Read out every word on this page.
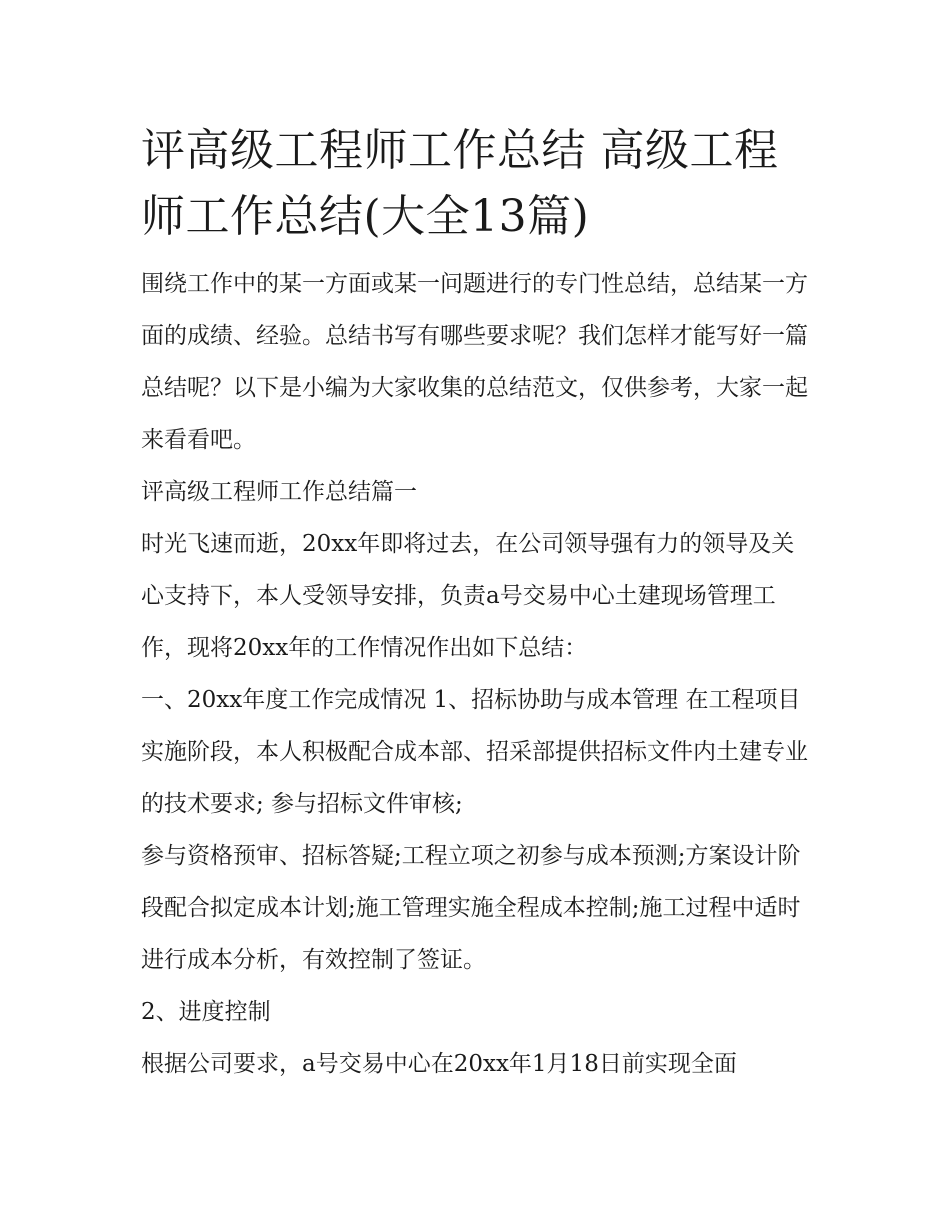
评高级工程师工作总结 高级工程师工作总结(大全13篇)

围绕工作中的某一方面或某一问题进行的专门性总结，总结某一方面的成绩、经验。总结书写有哪些要求呢？我们怎样才能写好一篇总结呢？以下是小编为大家收集的总结范文，仅供参考，大家一起来看看吧。

评高级工程师工作总结篇一

时光飞速而逝，20xx年即将过去，在公司领导强有力的领导及关心支持下，本人受领导安排，负责a号交易中心土建现场管理工作，现将20xx年的工作情况作出如下总结：

一、20xx年度工作完成情况 1、招标协助与成本管理 在工程项目实施阶段，本人积极配合成本部、招采部提供招标文件内土建专业的技术要求; 参与招标文件审核;

参与资格预审、招标答疑;工程立项之初参与成本预测;方案设计阶段配合拟定成本计划;施工管理实施全程成本控制;施工过程中适时进行成本分析，有效控制了签证。

2、进度控制

根据公司要求，a号交易中心在20xx年1月18日前实现全面
